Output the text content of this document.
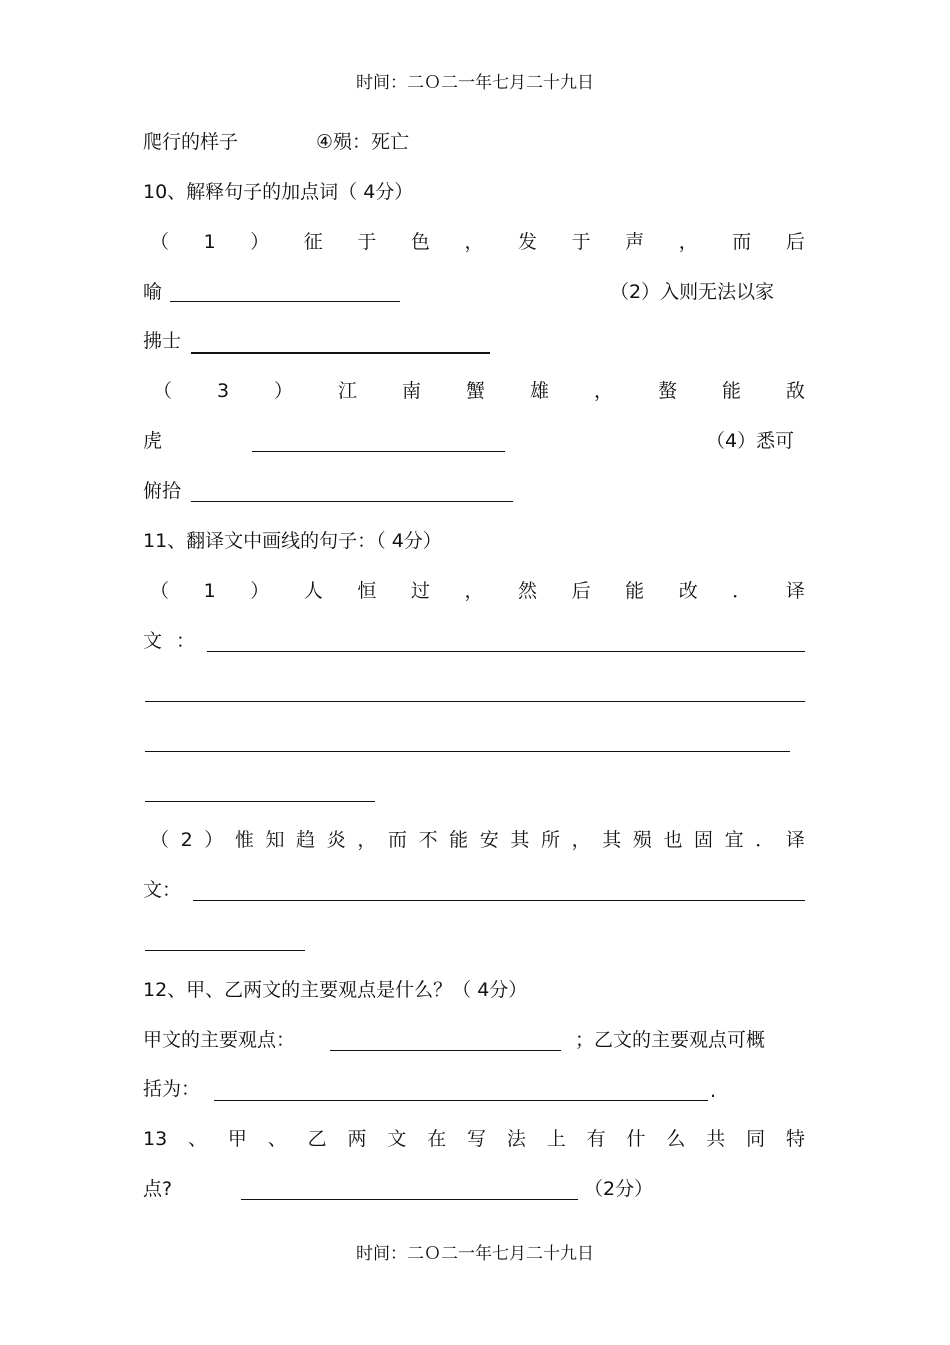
时间：二Ｏ二一年七月二十九日
爬行的样子	④殒：死亡
10、解释句子的加点词（ 4分）
（ 1 ） 征 于 色 ， 发 于 声 ， 而 后
喻	（2）入则无法以家
拂士
（ 3 ） 江 南 蟹 雄 ， 螯 能 敌
虎	（4）悉可
俯拾
11、翻译文中画线的句子：（ 4分）
（ 1 ） 人 恒 过 ， 然 后 能 改 ． 译
文：
（ 2 ） 惟 知 趋 炎 ， 而 不 能 安 其 所 ， 其 殒 也 固 宜 ． 译
文：
12、甲、乙两文的主要观点是什么？（ 4分）
甲文的主要观点：	；乙文的主要观点可概
括为：	.
13 、 甲 、 乙 两 文 在 写 法 上 有 什 么 共 同 特
点?	（2分）
时间：二Ｏ二一年七月二十九日
